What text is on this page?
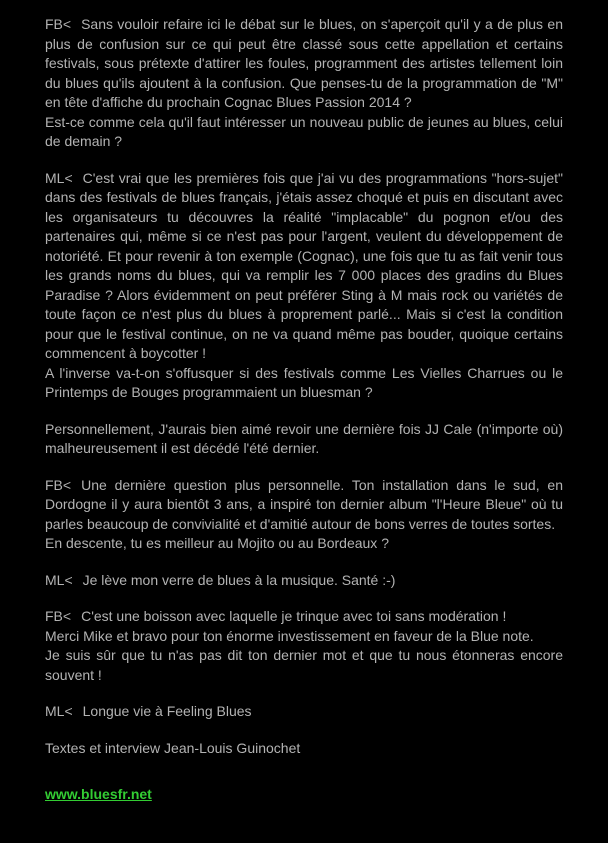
FB< Sans vouloir refaire ici le débat sur le blues, on s'aperçoit qu'il y a de plus en plus de confusion sur ce qui peut être classé sous cette appellation et certains festivals, sous prétexte d'attirer les foules, programment des artistes tellement loin du blues qu'ils ajoutent à la confusion. Que penses-tu de la programmation de "M" en tête d'affiche du prochain Cognac Blues Passion 2014 ?

Est-ce comme cela qu'il faut intéresser un nouveau public de jeunes au blues, celui de demain ?

ML< C'est vrai que les premières fois que j'ai vu des programmations "hors-sujet" dans des festivals de blues français, j'étais assez choqué et puis en discutant avec les organisateurs tu découvres la réalité "implacable" du pognon et/ou des partenaires qui, même si ce n'est pas pour l'argent, veulent du développement de notoriété. Et pour revenir à ton exemple (Cognac), une fois que tu as fait venir tous les grands noms du blues, qui va remplir les 7 000 places des gradins du Blues Paradise ? Alors évidemment on peut préférer Sting à M mais rock ou variétés de toute façon ce n'est plus du blues à proprement parlé... Mais si c'est la condition pour que le festival continue, on ne va quand même pas bouder, quoique certains commencent à boycotter !

A l'inverse va-t-on s'offusquer si des festivals comme Les Vielles Charrues ou le Printemps de Bouges programmaient un bluesman ?

Personnellement, J'aurais bien aimé revoir une dernière fois JJ Cale (n'importe où) malheureusement il est décédé l'été dernier.

FB< Une dernière question plus personnelle. Ton installation dans le sud, en Dordogne il y aura bientôt 3 ans, a inspiré ton dernier album "l'Heure Bleue" où tu parles beaucoup de convivialité et d'amitié autour de bons verres de toutes sortes.

En descente, tu es meilleur au Mojito ou au Bordeaux ?

ML< Je lève mon verre de blues à la musique. Santé :-)

FB< C'est une boisson avec laquelle je trinque avec toi sans modération !

Merci Mike et bravo pour ton énorme investissement en faveur de la Blue note.

Je suis sûr que tu n'as pas dit ton dernier mot et que tu nous étonneras encore souvent !

ML< Longue vie à Feeling Blues

Textes et interview Jean-Louis Guinochet

www.bluesfr.net
